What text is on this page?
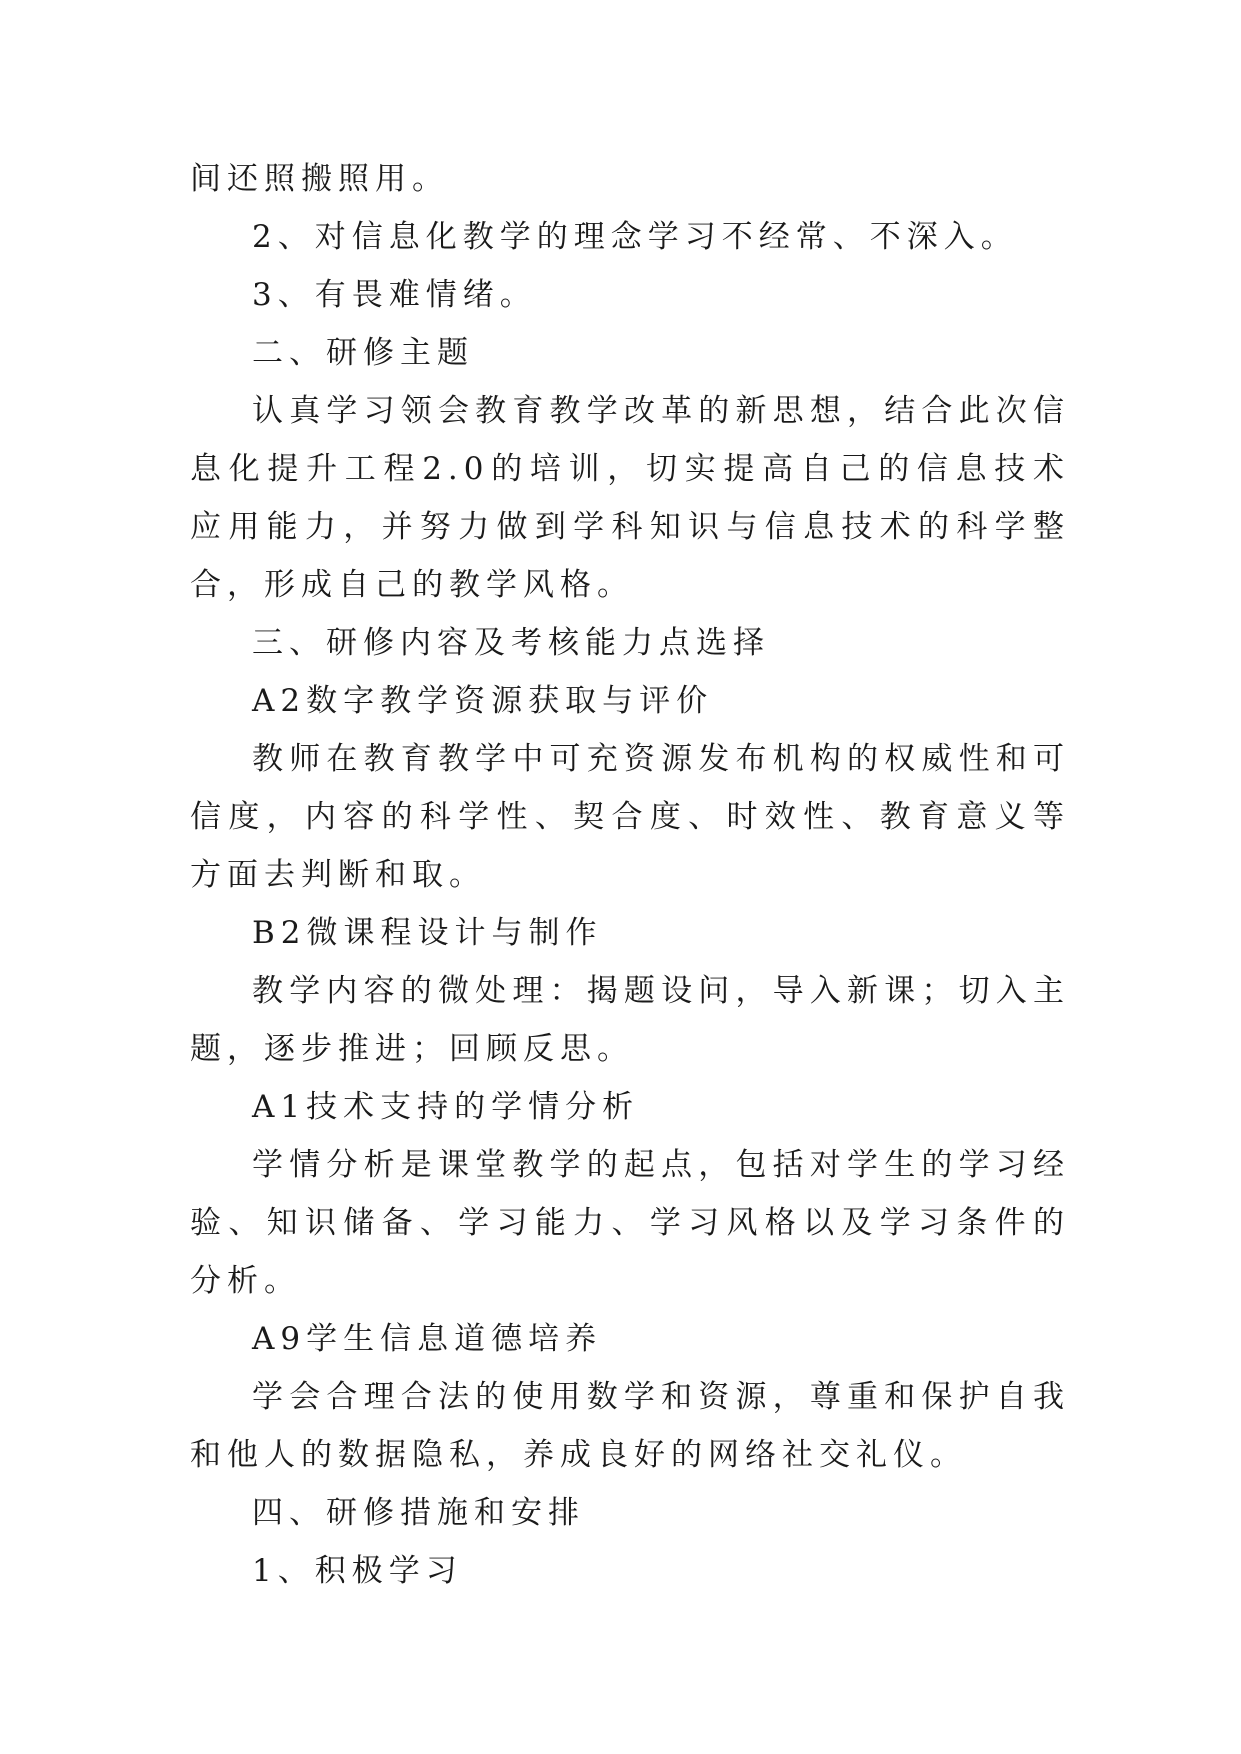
间还照搬照用。

2、对信息化教学的理念学习不经常、不深入。

3、有畏难情绪。

二、研修主题

认真学习领会教育教学改革的新思想，结合此次信息化提升工程2.0的培训，切实提高自己的信息技术应用能力，并努力做到学科知识与信息技术的科学整合，形成自己的教学风格。

三、研修内容及考核能力点选择

A2数字教学资源获取与评价

教师在教育教学中可充资源发布机构的权威性和可信度，内容的科学性、契合度、时效性、教育意义等方面去判断和取。

B2微课程设计与制作

教学内容的微处理：揭题设问，导入新课；切入主题，逐步推进；回顾反思。

A1技术支持的学情分析

学情分析是课堂教学的起点，包括对学生的学习经验、知识储备、学习能力、学习风格以及学习条件的分析。

A9学生信息道德培养

学会合理合法的使用数学和资源，尊重和保护自我和他人的数据隐私，养成良好的网络社交礼仪。

四、研修措施和安排

1、积极学习
